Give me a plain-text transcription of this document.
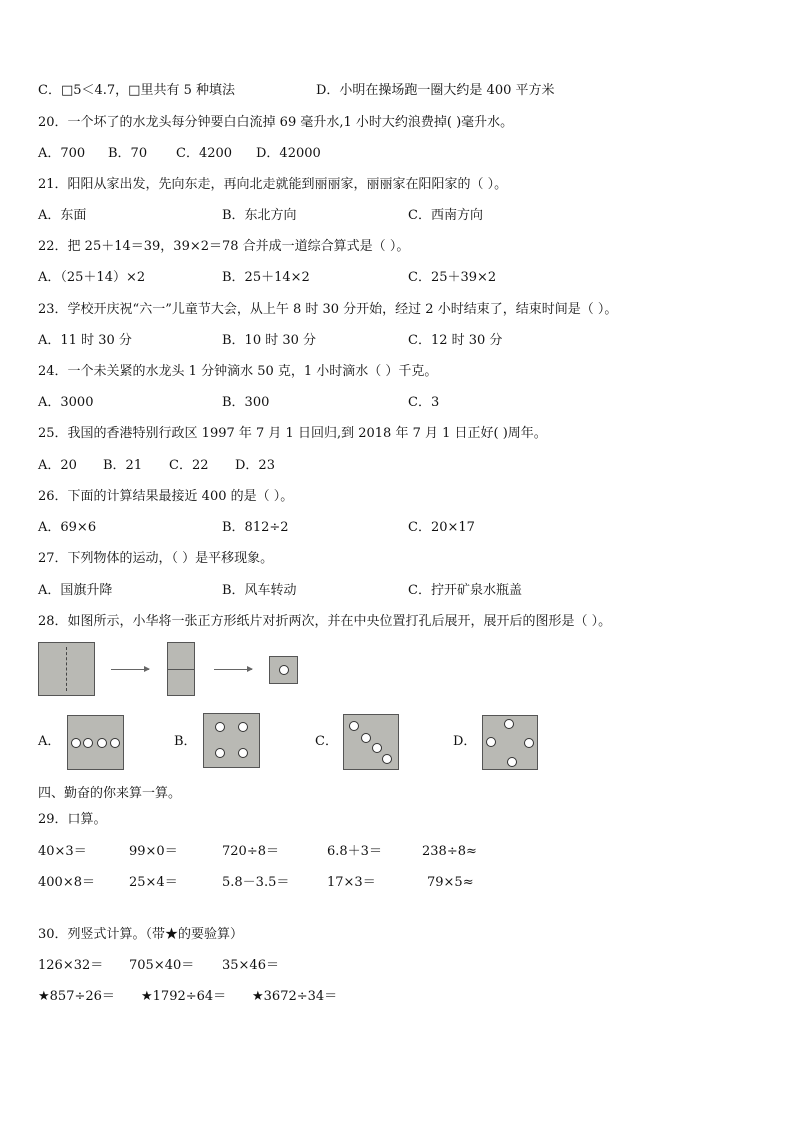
C．□5＜4.7，□里共有 5 种填法	D．小明在操场跑一圈大约是 400 平方米
20．一个坏了的水龙头每分钟要白白流掉 69 毫升水,1 小时大约浪费掉( )毫升水。
A．700 B．70 C．4200 D．42000
21．阳阳从家出发，先向东走，再向北走就能到丽丽家，丽丽家在阳阳家的（ ）。
A．东面	B．东北方向	C．西南方向
22．把 25＋14＝39，39×2＝78 合并成一道综合算式是（ ）。
A．（25＋14）×2	B．25＋14×2	C．25＋39×2
23．学校开庆祝“六一”儿童节大会，从上午 8 时 30 分开始，经过 2 小时结束了，结束时间是（ ）。
A．11 时 30 分	B．10 时 30 分	C．12 时 30 分
24．一个未关紧的水龙头 1 分钟滴水 50 克，1 小时滴水（ ）千克。
A．3000	B．300	C．3
25．我国的香港特别行政区 1997 年 7 月 1 日回归,到 2018 年 7 月 1 日正好( )周年。
A．20 B．21 C．22 D．23
26．下面的计算结果最接近 400 的是（ ）。
A．69×6	B．812÷2	C．20×17
27．下列物体的运动，（ ）是平移现象。
A．国旗升降	B．风车转动	C．拧开矿泉水瓶盖
28．如图所示，小华将一张正方形纸片对折两次，并在中央位置打孔后展开，展开后的图形是（ ）。
A．	B．	C．	D．
四、勤奋的你来算一算。
29．口算。
40×3＝	99×0＝	720÷8＝	6.8＋3＝	238÷8≈
400×8＝	25×4＝	5.8－3.5＝	17×3＝	79×5≈
30．列竖式计算。（带★的要验算）
126×32＝ 705×40＝ 35×46＝
★857÷26＝ ★1792÷64＝ ★3672÷34＝
